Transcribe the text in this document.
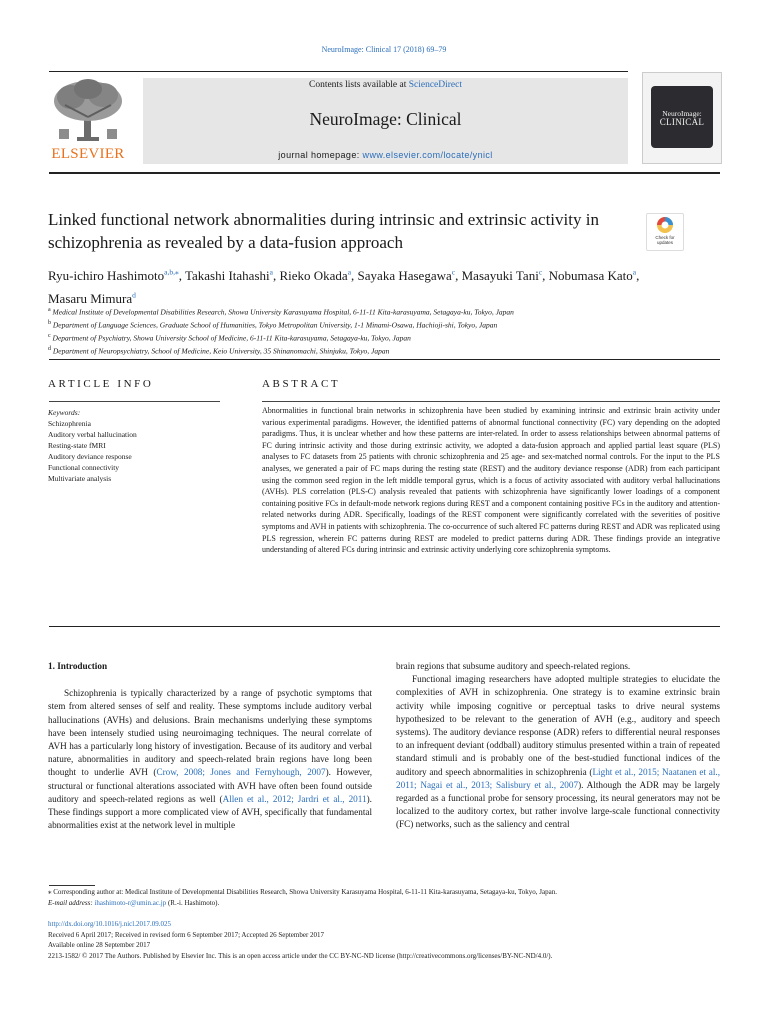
NeuroImage: Clinical 17 (2018) 69–79
ELSEVIER
Contents lists available at ScienceDirect
NeuroImage: Clinical
journal homepage: www.elsevier.com/locate/ynicl
NeuroImage:
CLINICAL
Linked functional network abnormalities during intrinsic and extrinsic activity in schizophrenia as revealed by a data-fusion approach	Check for updates
Ryu-ichiro Hashimoto$^{a,b,⁎}$, Takashi Itahashi$^a$, Rieko Okada$^a$, Sayaka Hasegawa$^c$, Masayuki Tani$^c$, Nobumasa Kato$^a$, Masaru Mimura$^d$
$^a$ Medical Institute of Developmental Disabilities Research, Showa University Karasuyama Hospital, 6-11-11 Kita-karasuyama, Setagaya-ku, Tokyo, Japan
$^b$ Department of Language Sciences, Graduate School of Humanities, Tokyo Metropolitan University, 1-1 Minami-Osawa, Hachioji-shi, Tokyo, Japan
$^c$ Department of Psychiatry, Showa University School of Medicine, 6-11-11 Kita-karasuyama, Setagaya-ku, Tokyo, Japan
$^d$ Department of Neuropsychiatry, School of Medicine, Keio University, 35 Shinanomachi, Shinjuku, Tokyo, Japan
ARTICLE INFO
Keywords:
Schizophrenia
Auditory verbal hallucination
Resting-state fMRI
Auditory deviance response
Functional connectivity
Multivariate analysis
ABSTRACT
Abnormalities in functional brain networks in schizophrenia have been studied by examining intrinsic and extrinsic brain activity under various experimental paradigms. However, the identified patterns of abnormal functional connectivity (FC) vary depending on the adopted paradigms. Thus, it is unclear whether and how these patterns are inter-related. In order to assess relationships between abnormal patterns of FC during intrinsic activity and those during extrinsic activity, we adopted a data-fusion approach and applied partial least square (PLS) analyses to FC datasets from 25 patients with chronic schizophrenia and 25 age- and sex-matched normal controls. For the input to the PLS analyses, we generated a pair of FC maps during the resting state (REST) and the auditory deviance response (ADR) from each participant using the common seed region in the left middle temporal gyrus, which is a focus of activity associated with auditory verbal hallucinations (AVHs). PLS correlation (PLS-C) analysis revealed that patients with schizophrenia have significantly lower loadings of a component containing positive FCs in default-mode network regions during REST and a component containing positive FCs in the auditory and attention-related networks during ADR. Specifically, loadings of the REST component were significantly correlated with the severities of positive symptoms and AVH in patients with schizophrenia. The co-occurrence of such altered FC patterns during REST and ADR was replicated using PLS regression, wherein FC patterns during REST are modeled to predict patterns during ADR. These findings provide an integrative understanding of altered FCs during intrinsic and extrinsic activity underlying core schizophrenia symptoms.

1. Introduction

Schizophrenia is typically characterized by a range of psychotic symptoms that stem from altered senses of self and reality. These symptoms include auditory verbal hallucinations (AVHs) and delusions. Brain mechanisms underlying these symptoms have been intensely studied using neuroimaging techniques. The neural correlate of AVH has a particularly long history of investigation. Because of its auditory and verbal nature, abnormalities in auditory and speech-related brain regions have long been thought to underlie AVH (Crow, 2008; Jones and Fernyhough, 2007). However, structural or functional alterations associated with AVH have often been found outside auditory and speech-related regions as well (Allen et al., 2012; Jardri et al., 2011). These findings support a more complicated view of AVH, specifically that fundamental abnormalities exist at the network level in multiple

brain regions that subsume auditory and speech-related regions.

Functional imaging researchers have adopted multiple strategies to elucidate the complexities of AVH in schizophrenia. One strategy is to examine extrinsic brain activity while imposing cognitive or perceptual tasks to drive neural systems hypothesized to be relevant to the generation of AVH (e.g., auditory and speech systems). The auditory deviance response (ADR) refers to differential neural responses to an infrequent deviant (oddball) auditory stimulus presented within a train of repeated standard stimuli and is probably one of the best-studied functional indices of the auditory and speech abnormalities in schizophrenia (Light et al., 2015; Naatanen et al., 2011; Nagai et al., 2013; Salisbury et al., 2007). Although the ADR may be largely regarded as a functional probe for sensory processing, its neural generators may not be localized to the auditory cortex, but rather involve large-scale functional connectivity (FC) networks, such as the saliency and central

⁎ Corresponding author at: Medical Institute of Developmental Disabilities Research, Showa University Karasuyama Hospital, 6-11-11 Kita-karasuyama, Setagaya-ku, Tokyo, Japan.
E-mail address: ihashimoto-r@umin.ac.jp (R.-i. Hashimoto).
http://dx.doi.org/10.1016/j.nicl.2017.09.025
Received 6 April 2017; Received in revised form 6 September 2017; Accepted 26 September 2017
Available online 28 September 2017
2213-1582/ © 2017 The Authors. Published by Elsevier Inc. This is an open access article under the CC BY-NC-ND license (http://creativecommons.org/licenses/BY-NC-ND/4.0/).
